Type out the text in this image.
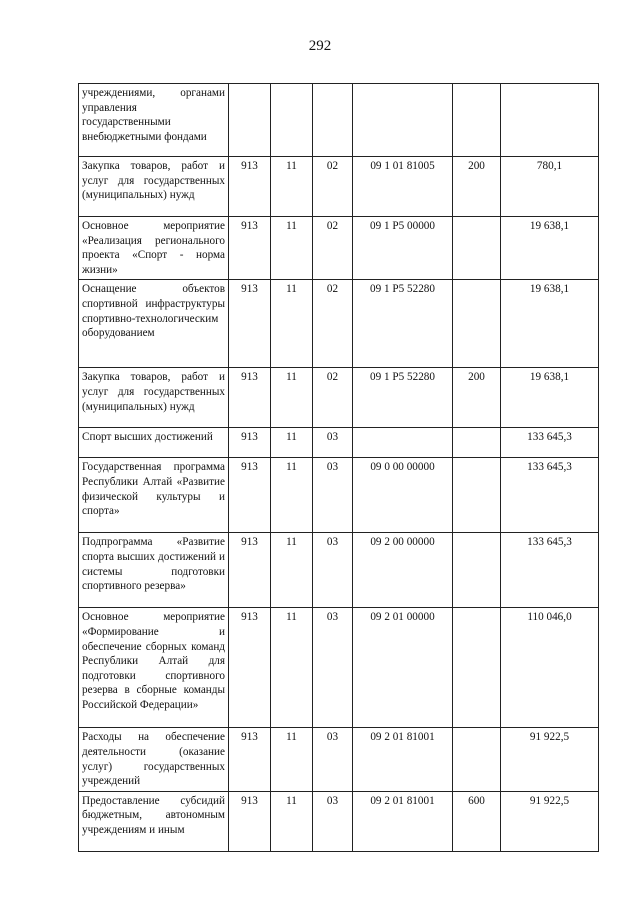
292
учреждениями, органами управления государственными внебюджетными фондами						
Закупка товаров, работ и услуг для государственных (муниципальных) нужд	913	11	02	09 1 01 81005	200	780,1
Основное мероприятие «Реализация регионального проекта «Спорт - норма жизни»	913	11	02	09 1 P5 00000		19 638,1
Оснащение объектов спортивной инфраструктуры спортивно-технологическим оборудованием	913	11	02	09 1 P5 52280		19 638,1
Закупка товаров, работ и услуг для государственных (муниципальных) нужд	913	11	02	09 1 P5 52280	200	19 638,1
Спорт высших достижений	913	11	03			133 645,3
Государственная программа Республики Алтай «Развитие физической культуры и спорта»	913	11	03	09 0 00 00000		133 645,3
Подпрограмма «Развитие спорта высших достижений и системы подготовки спортивного резерва»	913	11	03	09 2 00 00000		133 645,3
Основное мероприятие «Формирование и обеспечение сборных команд Республики Алтай для подготовки спортивного резерва в сборные команды Российской Федерации»	913	11	03	09 2 01 00000		110 046,0
Расходы на обеспечение деятельности (оказание услуг) государственных учреждений	913	11	03	09 2 01 81001		91 922,5
Предоставление субсидий бюджетным, автономным учреждениям и иным	913	11	03	09 2 01 81001	600	91 922,5
